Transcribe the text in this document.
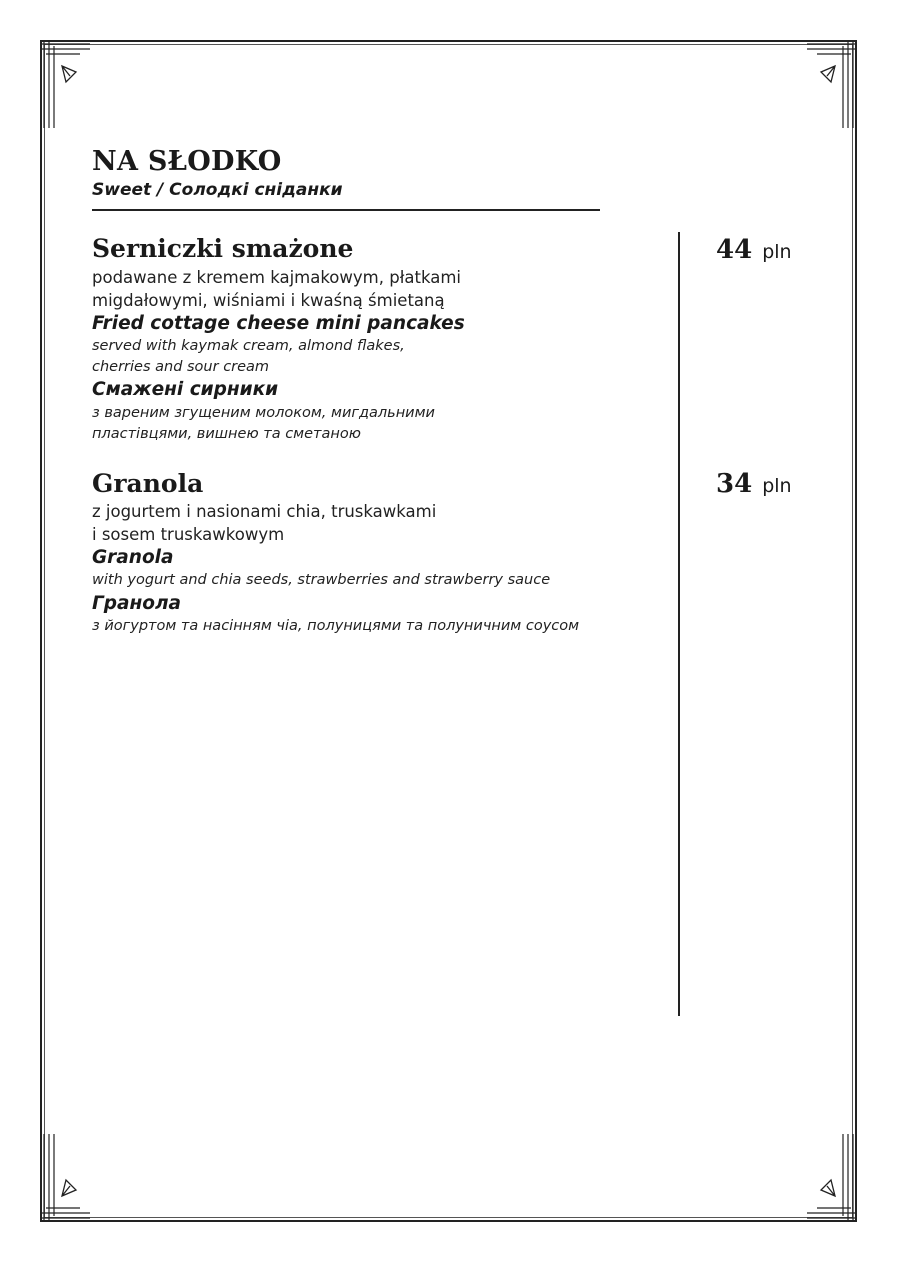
NA SŁODKO

Sweet / Солодкі сніданки

Serniczki smażone

podawane z kremem kajmakowym, płatkami
migdałowymi, wiśniami i kwaśną śmietaną

Fried cottage cheese mini pancakes

served with kaymak cream, almond flakes,
cherries and sour cream

Смажені сирники

з вареним згущеним молоком, мигдальними
пластівцями, вишнею та сметаною

44 pln

Granola

z jogurtem i nasionami chia, truskawkami
i sosem truskawkowym

Granola

with yogurt and chia seeds, strawberries and strawberry sauce

Гранола

з йогуртом та насінням чіа, полуницями та полуничним соусом

34 pln
